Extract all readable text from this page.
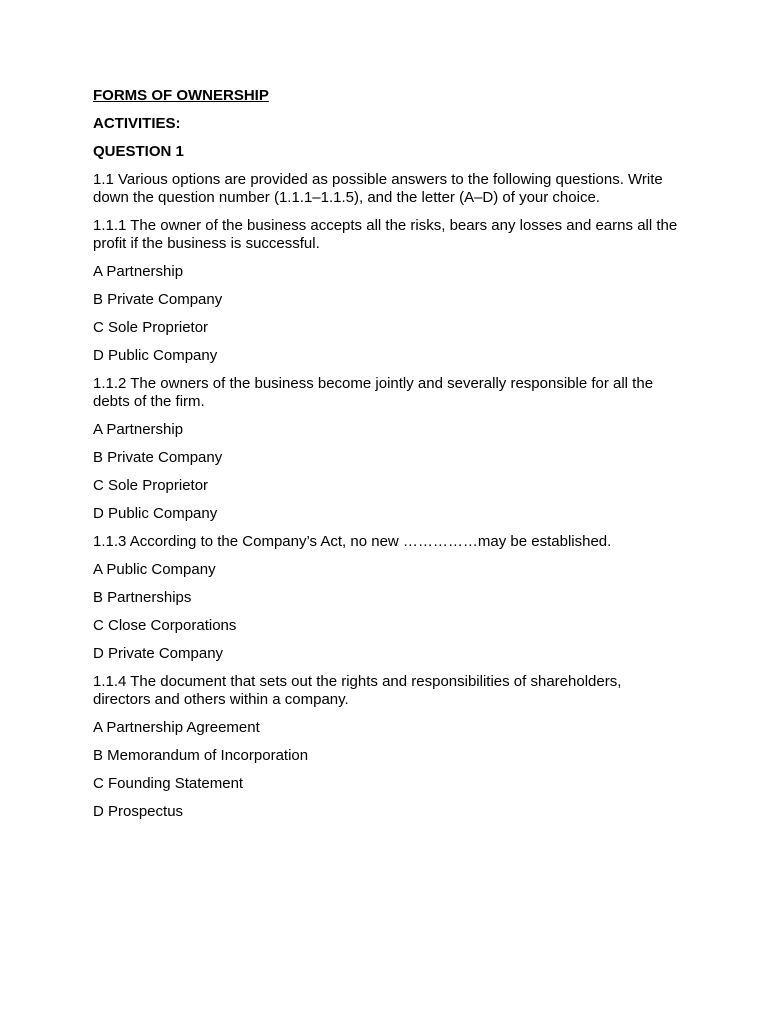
FORMS OF OWNERSHIP
ACTIVITIES:
QUESTION 1
1.1 Various options are provided as possible answers to the following questions. Write down the question number (1.1.1–1.1.5), and the letter (A–D) of your choice.
1.1.1 The owner of the business accepts all the risks, bears any losses and earns all the profit if the business is successful.
A Partnership
B Private Company
C Sole Proprietor
D Public Company
1.1.2 The owners of the business become jointly and severally responsible for all the debts of the firm.
A Partnership
B Private Company
C Sole Proprietor
D Public Company
1.1.3 According to the Company’s Act, no new ……………may be established.
A Public Company
B Partnerships
C Close Corporations
D Private Company
1.1.4 The document that sets out the rights and responsibilities of shareholders, directors and others within a company.
A Partnership Agreement
B Memorandum of Incorporation
C Founding Statement
D Prospectus
